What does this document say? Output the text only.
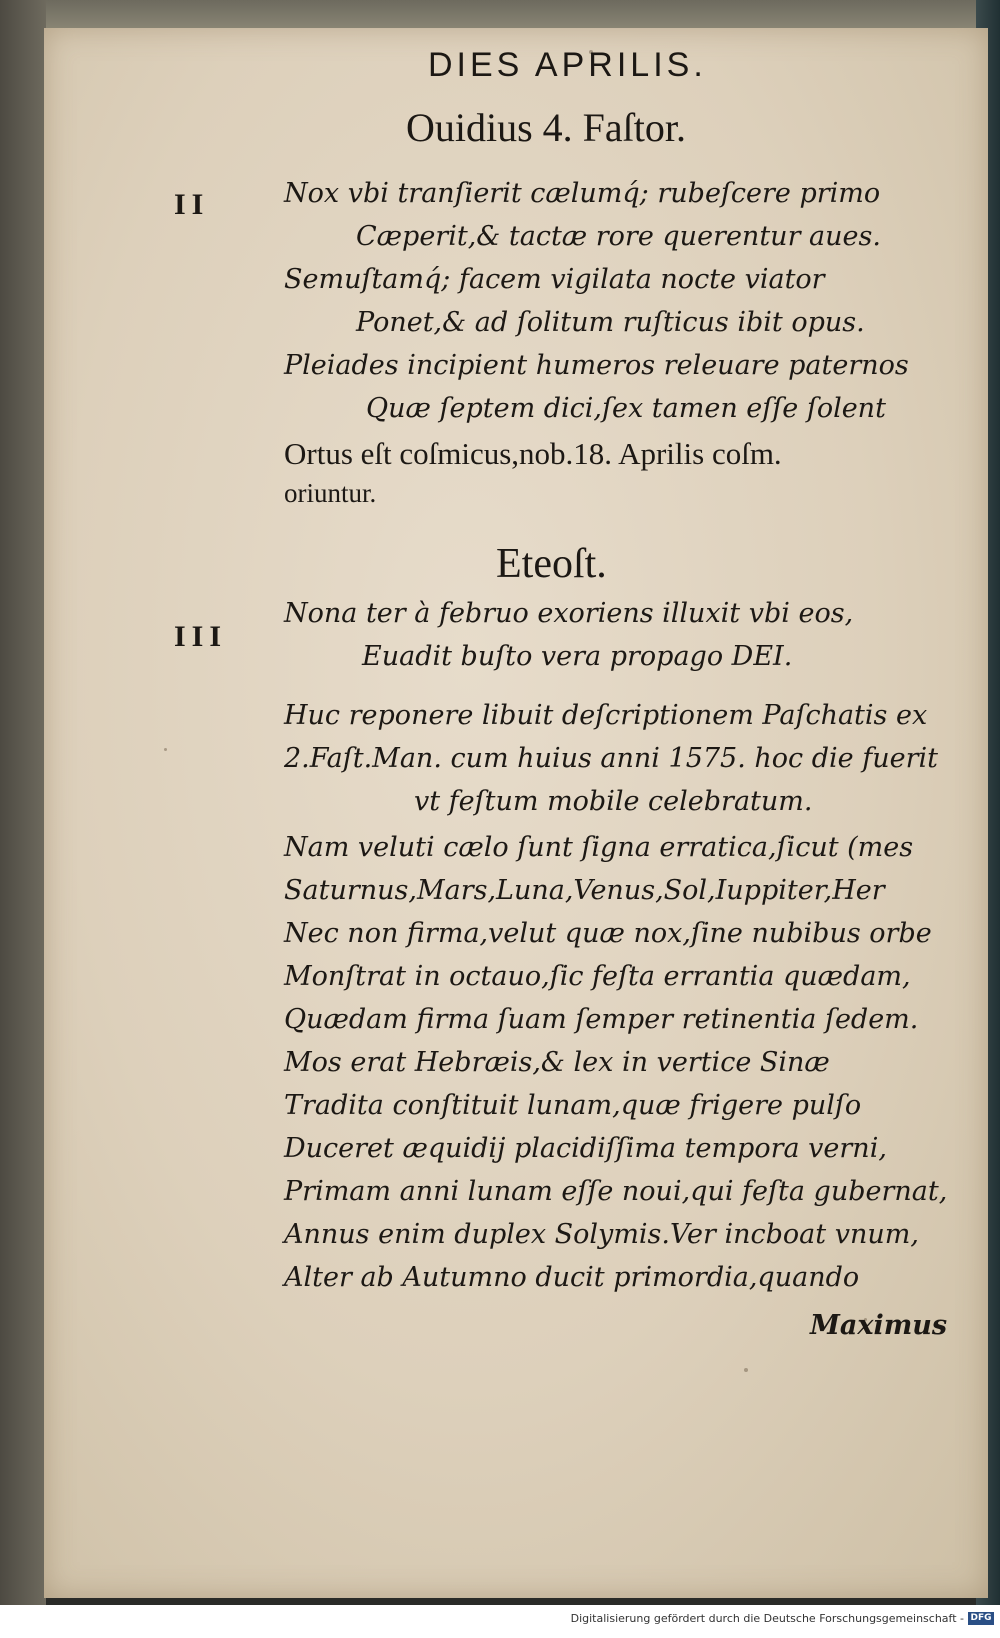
DIES APRILIS.
Ouidius 4. Faſtor.
II	Nox vbi tranſierit cælumq́; rubeſcere primo
Cæperit,& tactæ rore querentur aues.
Semuſtamq́; facem vigilata nocte viator
Ponet,& ad ſolitum ruſticus ibit opus.
Pleiades incipient humeros releuare paternos
Quæ ſeptem dici,ſex tamen eſſe ſolent
Ortus eſt coſmicus,nob.18. Aprilis coſm.
oriuntur.
Eteoſt.
Nona ter à februo exoriens illuxit vbi eos,
III
Euadit buſto vera propago DEI.
Huc reponere libuit deſcriptionem Paſchatis ex
2.Faſt.Man. cum huius anni 1575. hoc die fuerit
vt feſtum mobile celebratum.
Nam veluti cælo ſunt ſigna erratica,ſicut (mes
Saturnus,Mars,Luna,Venus,Sol,Iuppiter,Her
Nec non firma,velut quæ nox,ſine nubibus orbe
Monſtrat in octauo,ſic feſta errantia quædam,
Quædam firma ſuam ſemper retinentia ſedem.
Mos erat Hebræis,& lex in vertice Sinæ
Tradita conſtituit lunam,quæ frigere pulſo
Duceret æquidij placidiſſima tempora verni,
Primam anni lunam eſſe noui,qui feſta gubernat,
Annus enim duplex Solymis.Ver incboat vnum,
Alter ab Autumno ducit primordia,quando
Maximus
Digitalisierung gefördert durch die Deutsche Forschungsgemeinschaft - DFG
